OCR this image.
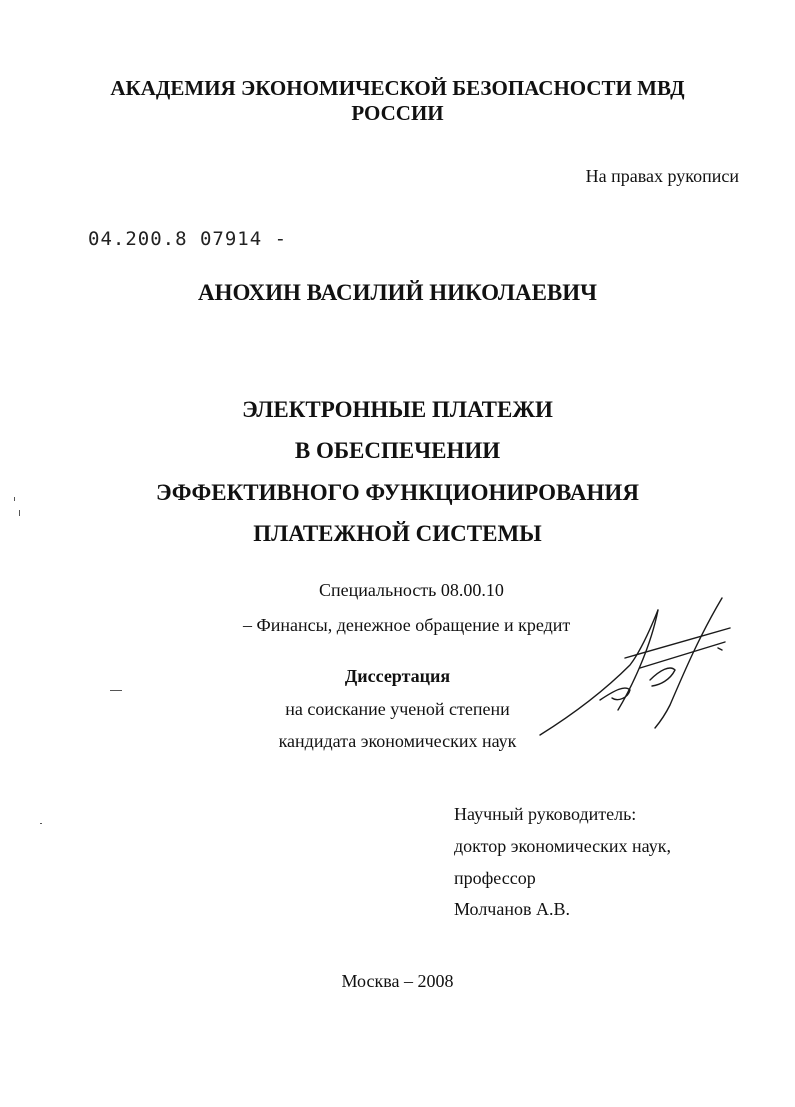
АКАДЕМИЯ ЭКОНОМИЧЕСКОЙ БЕЗОПАСНОСТИ МВД РОССИИ
На правах рукописи
04.200.8 07914 -
АНОХИН ВАСИЛИЙ НИКОЛАЕВИЧ
ЭЛЕКТРОННЫЕ ПЛАТЕЖИ
В ОБЕСПЕЧЕНИИ
ЭФФЕКТИВНОГО ФУНКЦИОНИРОВАНИЯ
ПЛАТЕЖНОЙ СИСТЕМЫ
Специальность 08.00.10
– Финансы, денежное обращение и кредит
Диссертация
на соискание ученой степени
кандидата экономических наук
Научный руководитель:
доктор экономических наук,
профессор
Молчанов А.В.
Москва – 2008
